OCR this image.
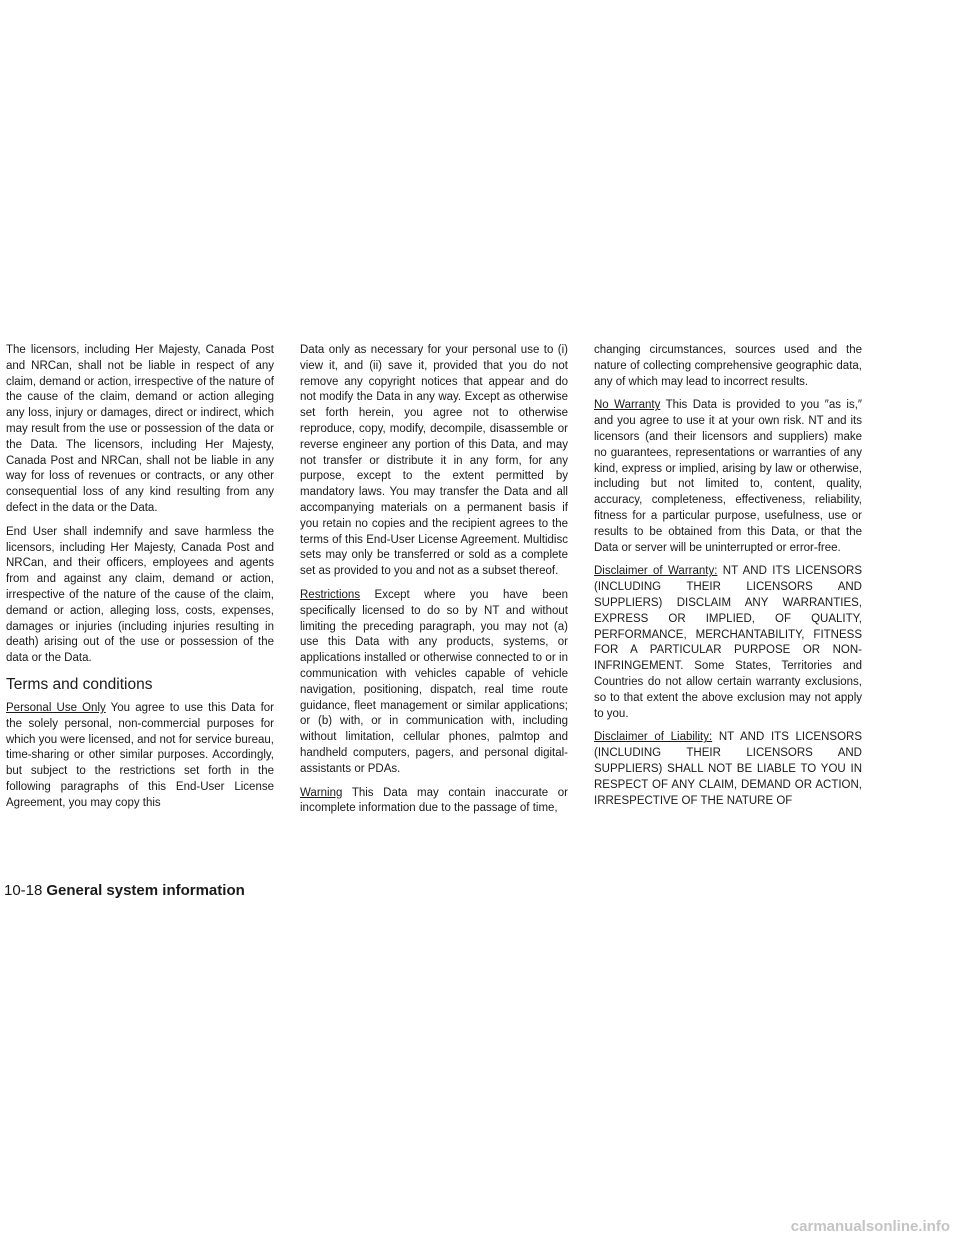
The licensors, including Her Majesty, Canada Post and NRCan, shall not be liable in respect of any claim, demand or action, irrespective of the nature of the cause of the claim, demand or action alleging any loss, injury or damages, direct or indirect, which may result from the use or possession of the data or the Data. The licensors, including Her Majesty, Canada Post and NRCan, shall not be liable in any way for loss of revenues or contracts, or any other consequential loss of any kind resulting from any defect in the data or the Data.

End User shall indemnify and save harmless the licensors, including Her Majesty, Canada Post and NRCan, and their officers, employees and agents from and against any claim, demand or action, irrespective of the nature of the cause of the claim, demand or action, alleging loss, costs, expenses, damages or injuries (including injuries resulting in death) arising out of the use or possession of the data or the Data.

Terms and conditions

Personal Use Only You agree to use this Data for the solely personal, non-commercial purposes for which you were licensed, and not for service bureau, time-sharing or other similar purposes. Accordingly, but subject to the restrictions set forth in the following paragraphs of this End-User License Agreement, you may copy this

Data only as necessary for your personal use to (i) view it, and (ii) save it, provided that you do not remove any copyright notices that appear and do not modify the Data in any way. Except as otherwise set forth herein, you agree not to otherwise reproduce, copy, modify, decompile, disassemble or reverse engineer any portion of this Data, and may not transfer or distribute it in any form, for any purpose, except to the extent permitted by mandatory laws. You may transfer the Data and all accompanying materials on a permanent basis if you retain no copies and the recipient agrees to the terms of this End-User License Agreement. Multidisc sets may only be transferred or sold as a complete set as provided to you and not as a subset thereof.

Restrictions Except where you have been specifically licensed to do so by NT and without limiting the preceding paragraph, you may not (a) use this Data with any products, systems, or applications installed or otherwise connected to or in communication with vehicles capable of vehicle navigation, positioning, dispatch, real time route guidance, fleet management or similar applications; or (b) with, or in communication with, including without limitation, cellular phones, palmtop and handheld computers, pagers, and personal digital-assistants or PDAs.

Warning This Data may contain inaccurate or incomplete information due to the passage of time,

changing circumstances, sources used and the nature of collecting comprehensive geographic data, any of which may lead to incorrect results.

No Warranty This Data is provided to you ″as is,″ and you agree to use it at your own risk. NT and its licensors (and their licensors and suppliers) make no guarantees, representations or warranties of any kind, express or implied, arising by law or otherwise, including but not limited to, content, quality, accuracy, completeness, effectiveness, reliability, fitness for a particular purpose, usefulness, use or results to be obtained from this Data, or that the Data or server will be uninterrupted or error-free.

Disclaimer of Warranty: NT AND ITS LICENSORS (INCLUDING THEIR LICENSORS AND SUPPLIERS) DISCLAIM ANY WARRANTIES, EXPRESS OR IMPLIED, OF QUALITY, PERFORMANCE, MERCHANTABILITY, FITNESS FOR A PARTICULAR PURPOSE OR NON-INFRINGEMENT. Some States, Territories and Countries do not allow certain warranty exclusions, so to that extent the above exclusion may not apply to you.

Disclaimer of Liability: NT AND ITS LICENSORS (INCLUDING THEIR LICENSORS AND SUPPLIERS) SHALL NOT BE LIABLE TO YOU IN RESPECT OF ANY CLAIM, DEMAND OR ACTION, IRRESPECTIVE OF THE NATURE OF

10-18 General system information
carmanualsonline.info
